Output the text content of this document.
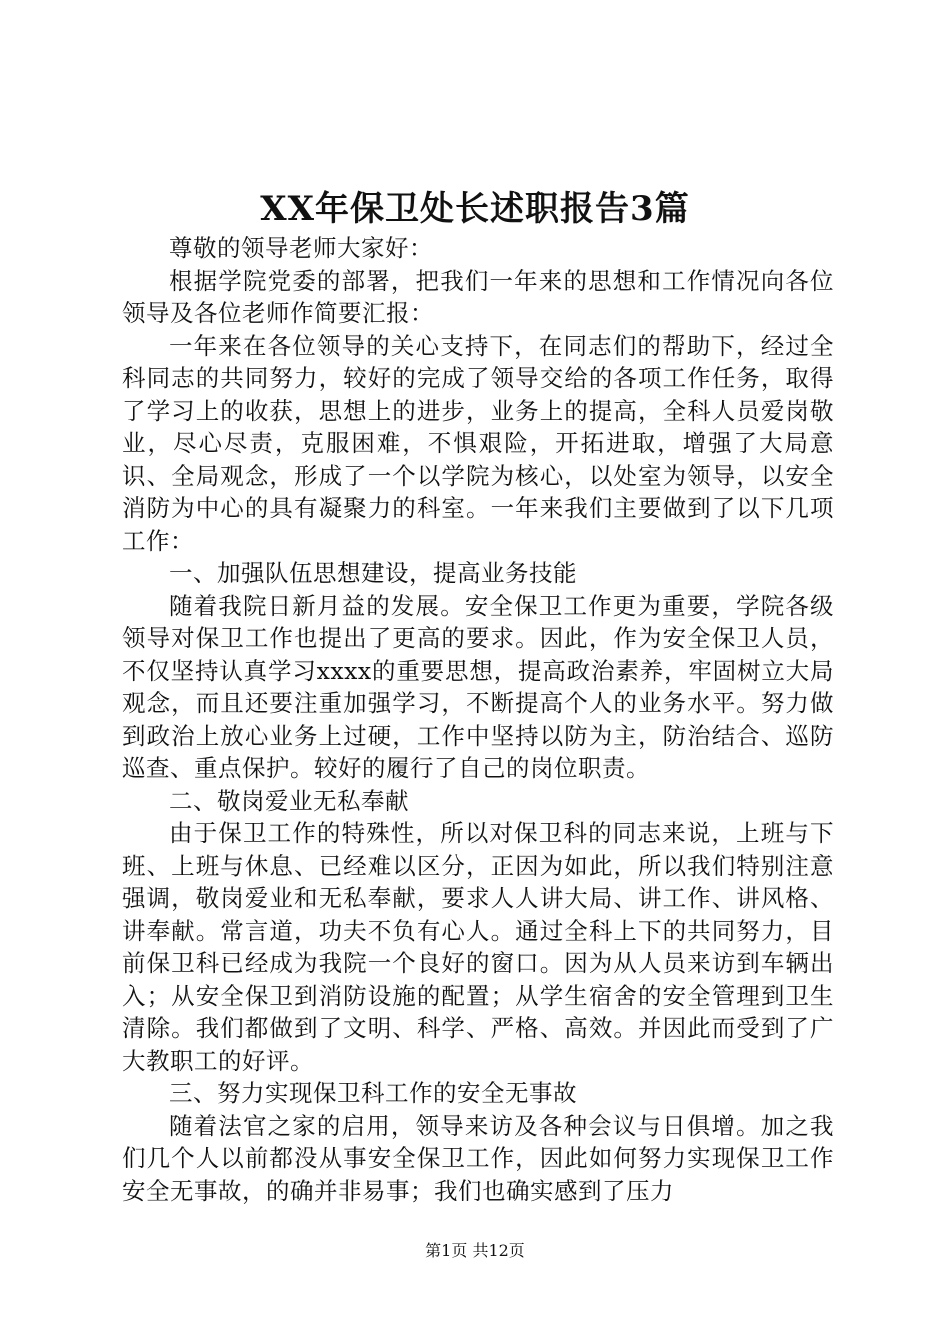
XX年保卫处长述职报告3篇

尊敬的领导老师大家好：

根据学院党委的部署，把我们一年来的思想和工作情况向各位领导及各位老师作简要汇报：

一年来在各位领导的关心支持下，在同志们的帮助下，经过全科同志的共同努力，较好的完成了领导交给的各项工作任务，取得了学习上的收获，思想上的进步，业务上的提高，全科人员爱岗敬业，尽心尽责，克服困难，不惧艰险，开拓进取，增强了大局意识、全局观念，形成了一个以学院为核心，以处室为领导，以安全消防为中心的具有凝聚力的科室。一年来我们主要做到了以下几项工作：

一、加强队伍思想建设，提高业务技能

随着我院日新月益的发展。安全保卫工作更为重要，学院各级领导对保卫工作也提出了更高的要求。因此，作为安全保卫人员，不仅坚持认真学习xxxx的重要思想，提高政治素养，牢固树立大局观念，而且还要注重加强学习，不断提高个人的业务水平。努力做到政治上放心业务上过硬，工作中坚持以防为主，防治结合、巡防巡查、重点保护。较好的履行了自己的岗位职责。

二、敬岗爱业无私奉献

由于保卫工作的特殊性，所以对保卫科的同志来说，上班与下班、上班与休息、已经难以区分，正因为如此，所以我们特别注意强调，敬岗爱业和无私奉献，要求人人讲大局、讲工作、讲风格、讲奉献。常言道，功夫不负有心人。通过全科上下的共同努力，目前保卫科已经成为我院一个良好的窗口。因为从人员来访到车辆出入；从安全保卫到消防设施的配置；从学生宿舍的安全管理到卫生清除。我们都做到了文明、科学、严格、高效。并因此而受到了广大教职工的好评。

三、努力实现保卫科工作的安全无事故

随着法官之家的启用，领导来访及各种会议与日俱增。加之我们几个人以前都没从事安全保卫工作，因此如何努力实现保卫工作安全无事故，的确并非易事；我们也确实感到了压力

第1页 共12页
